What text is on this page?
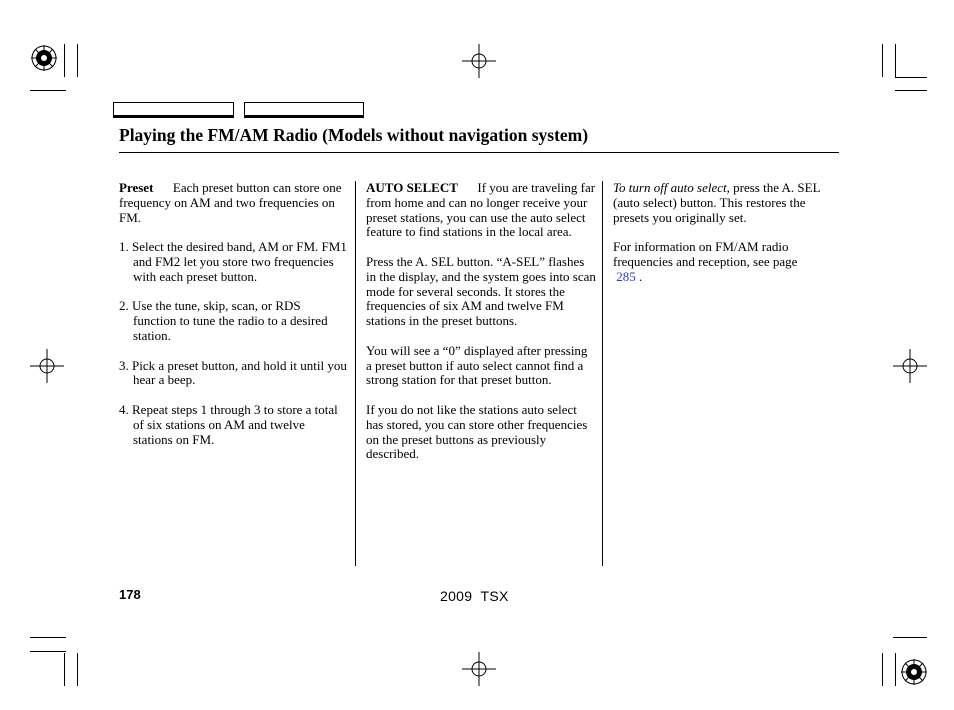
Playing the FM/AM Radio (Models without navigation system)

Preset Each preset button can store one frequency on AM and two frequencies on FM.

1. Select the desired band, AM or FM. FM1 and FM2 let you store two frequencies with each preset button.

2. Use the tune, skip, scan, or RDS function to tune the radio to a desired station.

3. Pick a preset button, and hold it until you hear a beep.

4. Repeat steps 1 through 3 to store a total of six stations on AM and twelve stations on FM.

AUTO SELECT If you are traveling far from home and can no longer receive your preset stations, you can use the auto select feature to find stations in the local area.

Press the A. SEL button. “A-SEL” flashes in the display, and the system goes into scan mode for several seconds. It stores the frequencies of six AM and twelve FM stations in the preset buttons.

You will see a “0” displayed after pressing a preset button if auto select cannot find a strong station for that preset button.

If you do not like the stations auto select has stored, you can store other frequencies on the preset buttons as previously described.

To turn off auto select, press the A. SEL (auto select) button. This restores the presets you originally set.

For information on FM/AM radio frequencies and reception, see page
285 .

178	2009  TSX
